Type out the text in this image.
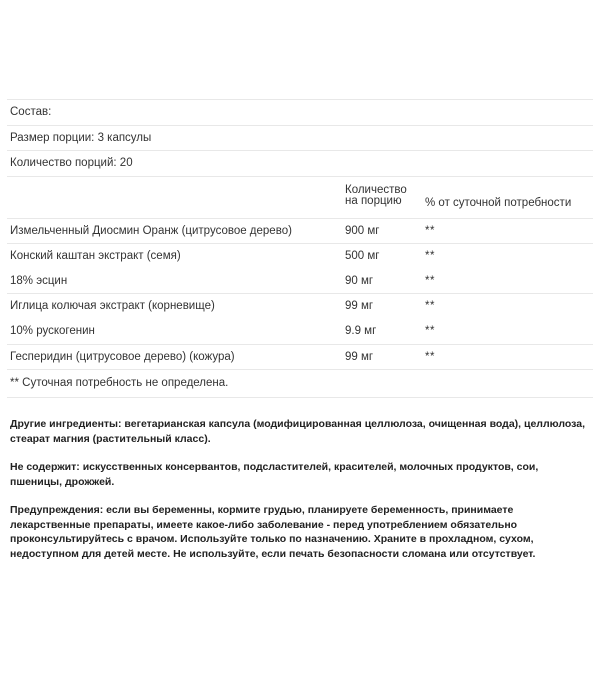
Состав:		
Размер порции: 3 капсулы		
Количество порций: 20		

	Количество
на порцию	% от суточной потребности
Измельченный Диосмин Оранж (цитрусовое дерево)	900 мг	**
Конский каштан экстракт (семя)	500 мг	**
18% эсцин	90 мг	**
Иглица колючая экстракт (корневище)	99 мг	**
10% рускогенин	9.9 мг	**
Гесперидин (цитрусовое дерево) (кожура)	99 мг	**
** Суточная потребность не определена.		

Другие ингредиенты: вегетарианская капсула (модифицированная целлюлоза, очищенная вода), целлюлоза, стеарат магния (растительный класс).

Не содержит: искусственных консервантов, подсластителей, красителей, молочных продуктов, сои, пшеницы, дрожжей.

Предупреждения: если вы беременны, кормите грудью, планируете беременность, принимаете лекарственные препараты, имеете какое-либо заболевание - перед употреблением обязательно проконсультируйтесь с врачом. Используйте только по назначению. Храните в прохладном, сухом, недоступном для детей месте. Не используйте, если печать безопасности сломана или отсутствует.
